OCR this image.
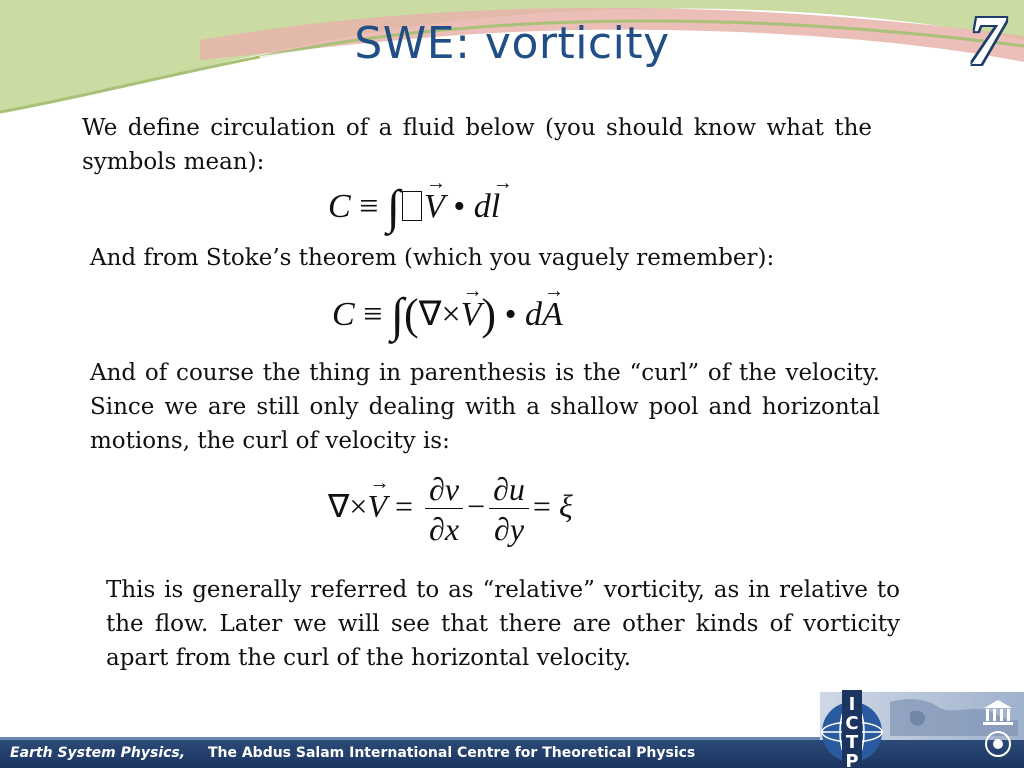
SWE: vorticity	7

We define circulation of a fluid below (you should know what the symbols mean):

C ≡ ∫→ V • d→ l

And from Stoke’s theorem (which you vaguely remember):

C ≡ ∫(∇×→ V) • d→ A

And of course the thing in parenthesis is the “curl” of the velocity. Since we are still only dealing with a shallow pool and horizontal motions, the curl of velocity is:

∇×→ $V = \frac{\partial v}{\partial x} - \frac{\partial u}{\partial y} = \xi$

This is generally referred to as “relative” vorticity, as in relative to the flow. Later we will see that there are other kinds of vorticity apart from the curl of the horizontal velocity.

Earth System Physics, The Abdus Salam International Centre for Theoretical Physics
I
C
T
P
